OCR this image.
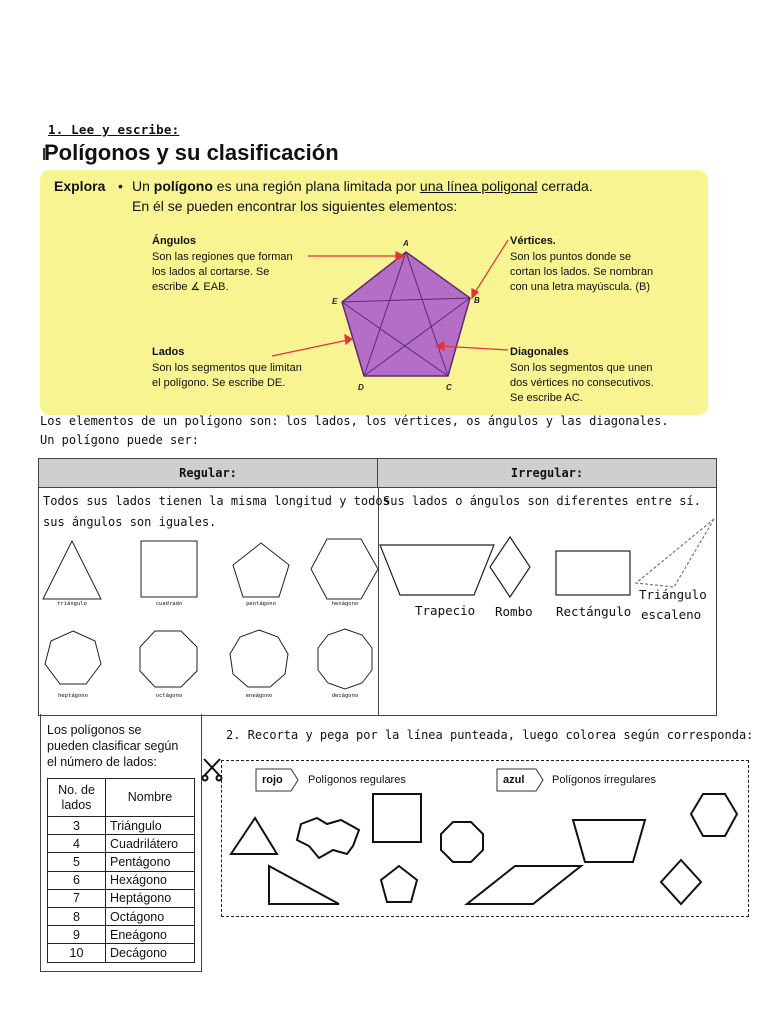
1. Lee y escribe:
Polígonos y su clasificación
Explora • Un polígono es una región plana limitada por una línea poligonal cerrada.
En él se pueden encontrar los siguientes elementos:
Ángulos
Son las regiones que forman
los lados al cortarse. Se
escribe ∡ EAB.
Lados
Son los segmentos que limitan
el polígono. Se escribe DE.
Vértices.
Son los puntos donde se
cortan los lados. Se nombran
con una letra mayúscula. (B)
Diagonales
Son los segmentos que unen
dos vértices no consecutivos.
Se escribe AC.
A
B
C
D
E
Los elementos de un polígono son: los lados, los vértices, os ángulos y las diagonales.
Un polígono puede ser:
Regular:	Irregular:
Todos sus lados tienen la misma longitud y todos
sus ángulos son iguales.
Sus lados o ángulos son diferentes entre sí.
triángulo	cuadrado	pentágono	hexágono
heptágono	octágono	eneágono	decágono
Trapecio Rombo Rectángulo
Triángulo
escaleno
Los polígonos se
pueden clasificar según
el número de lados:
No. de
lados	Nombre
3	Triángulo
4	Cuadrilátero
5	Pentágono
6	Hexágono
7	Heptágono
8	Octágono
9	Eneágono
10	Decágono
2. Recorta y pega por la línea punteada, luego colorea según corresponda:
rojo Polígonos regulares	azul	Polígonos irregulares
